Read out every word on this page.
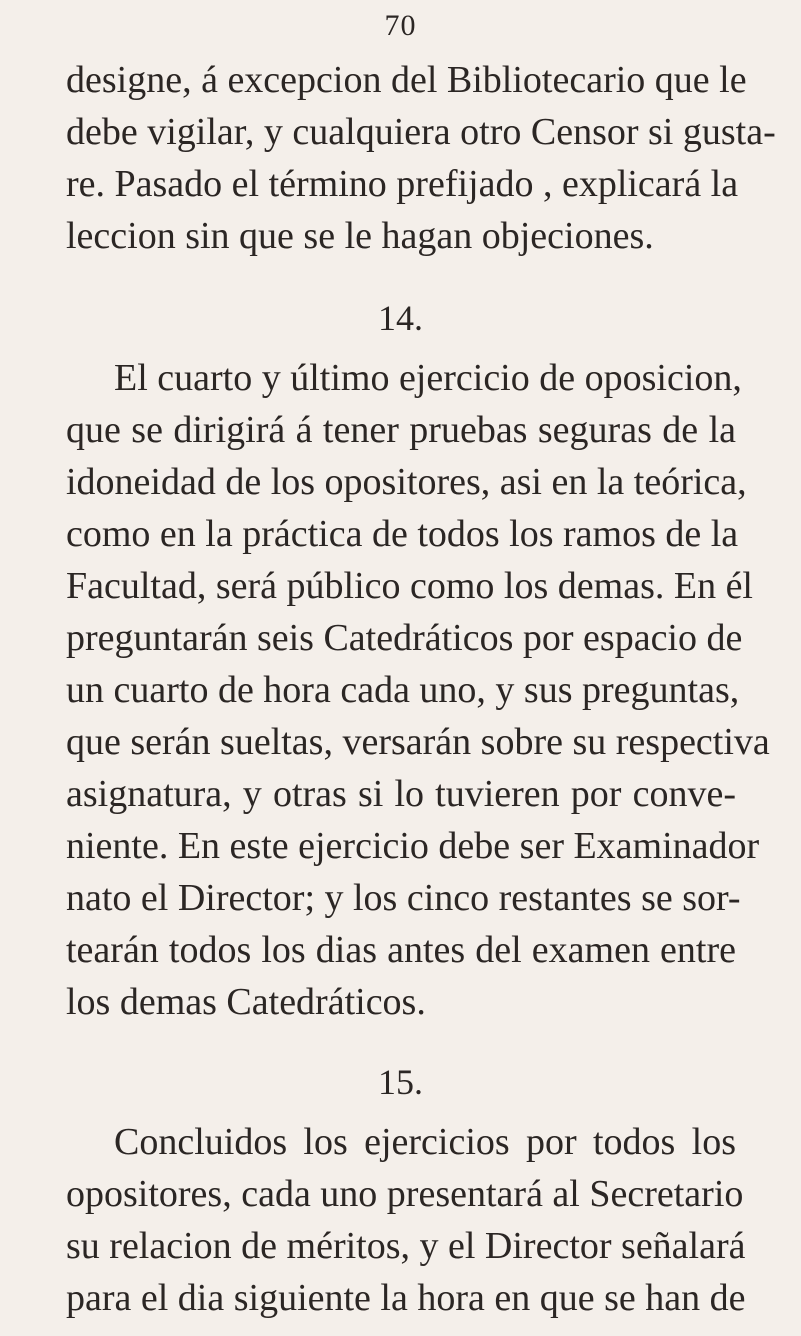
70
designe, á excepcion del Bibliotecario que le
debe vigilar, y cualquiera otro Censor si gusta-
re. Pasado el término prefijado , explicará la
leccion sin que se le hagan objeciones.
14.
El cuarto y último ejercicio de oposicion,
que se dirigirá á tener pruebas seguras de la
idoneidad de los opositores, asi en la teórica,
como en la práctica de todos los ramos de la
Facultad, será público como los demas. En él
preguntarán seis Catedráticos por espacio de
un cuarto de hora cada uno, y sus preguntas,
que serán sueltas, versarán sobre su respectiva
asignatura, y otras si lo tuvieren por conve-
niente. En este ejercicio debe ser Examinador
nato el Director; y los cinco restantes se sor-
tearán todos los dias antes del examen entre
los demas Catedráticos.
15.
Concluidos los ejercicios por todos los
opositores, cada uno presentará al Secretario
su relacion de méritos, y el Director señalará
para el dia siguiente la hora en que se han de
